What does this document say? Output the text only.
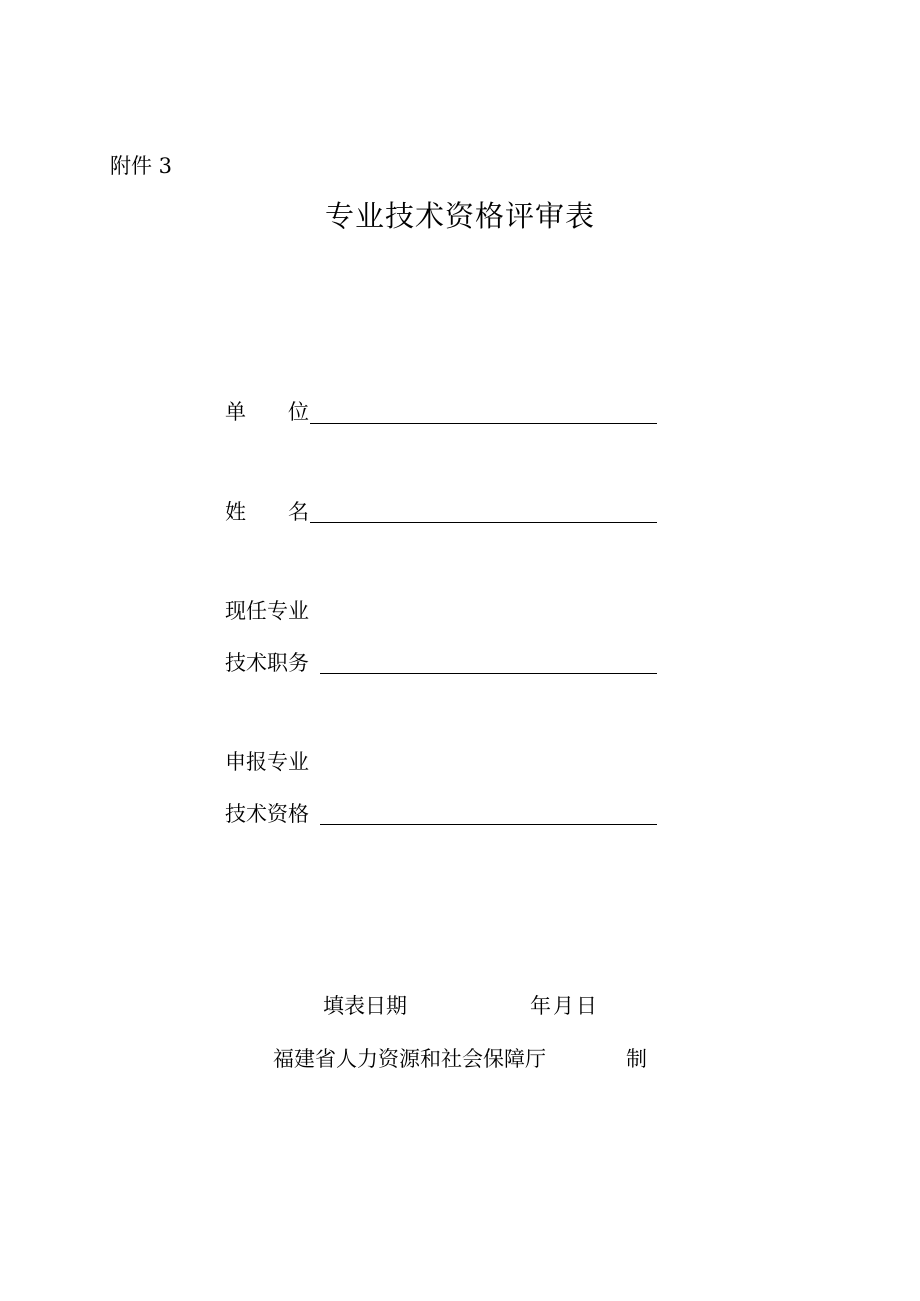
附件 3
专业技术资格评审表
单 位
姓 名
现任专业
技术职务
申报专业
技术资格
填表日期	年月日
福建省人力资源和社会保障厅	制
